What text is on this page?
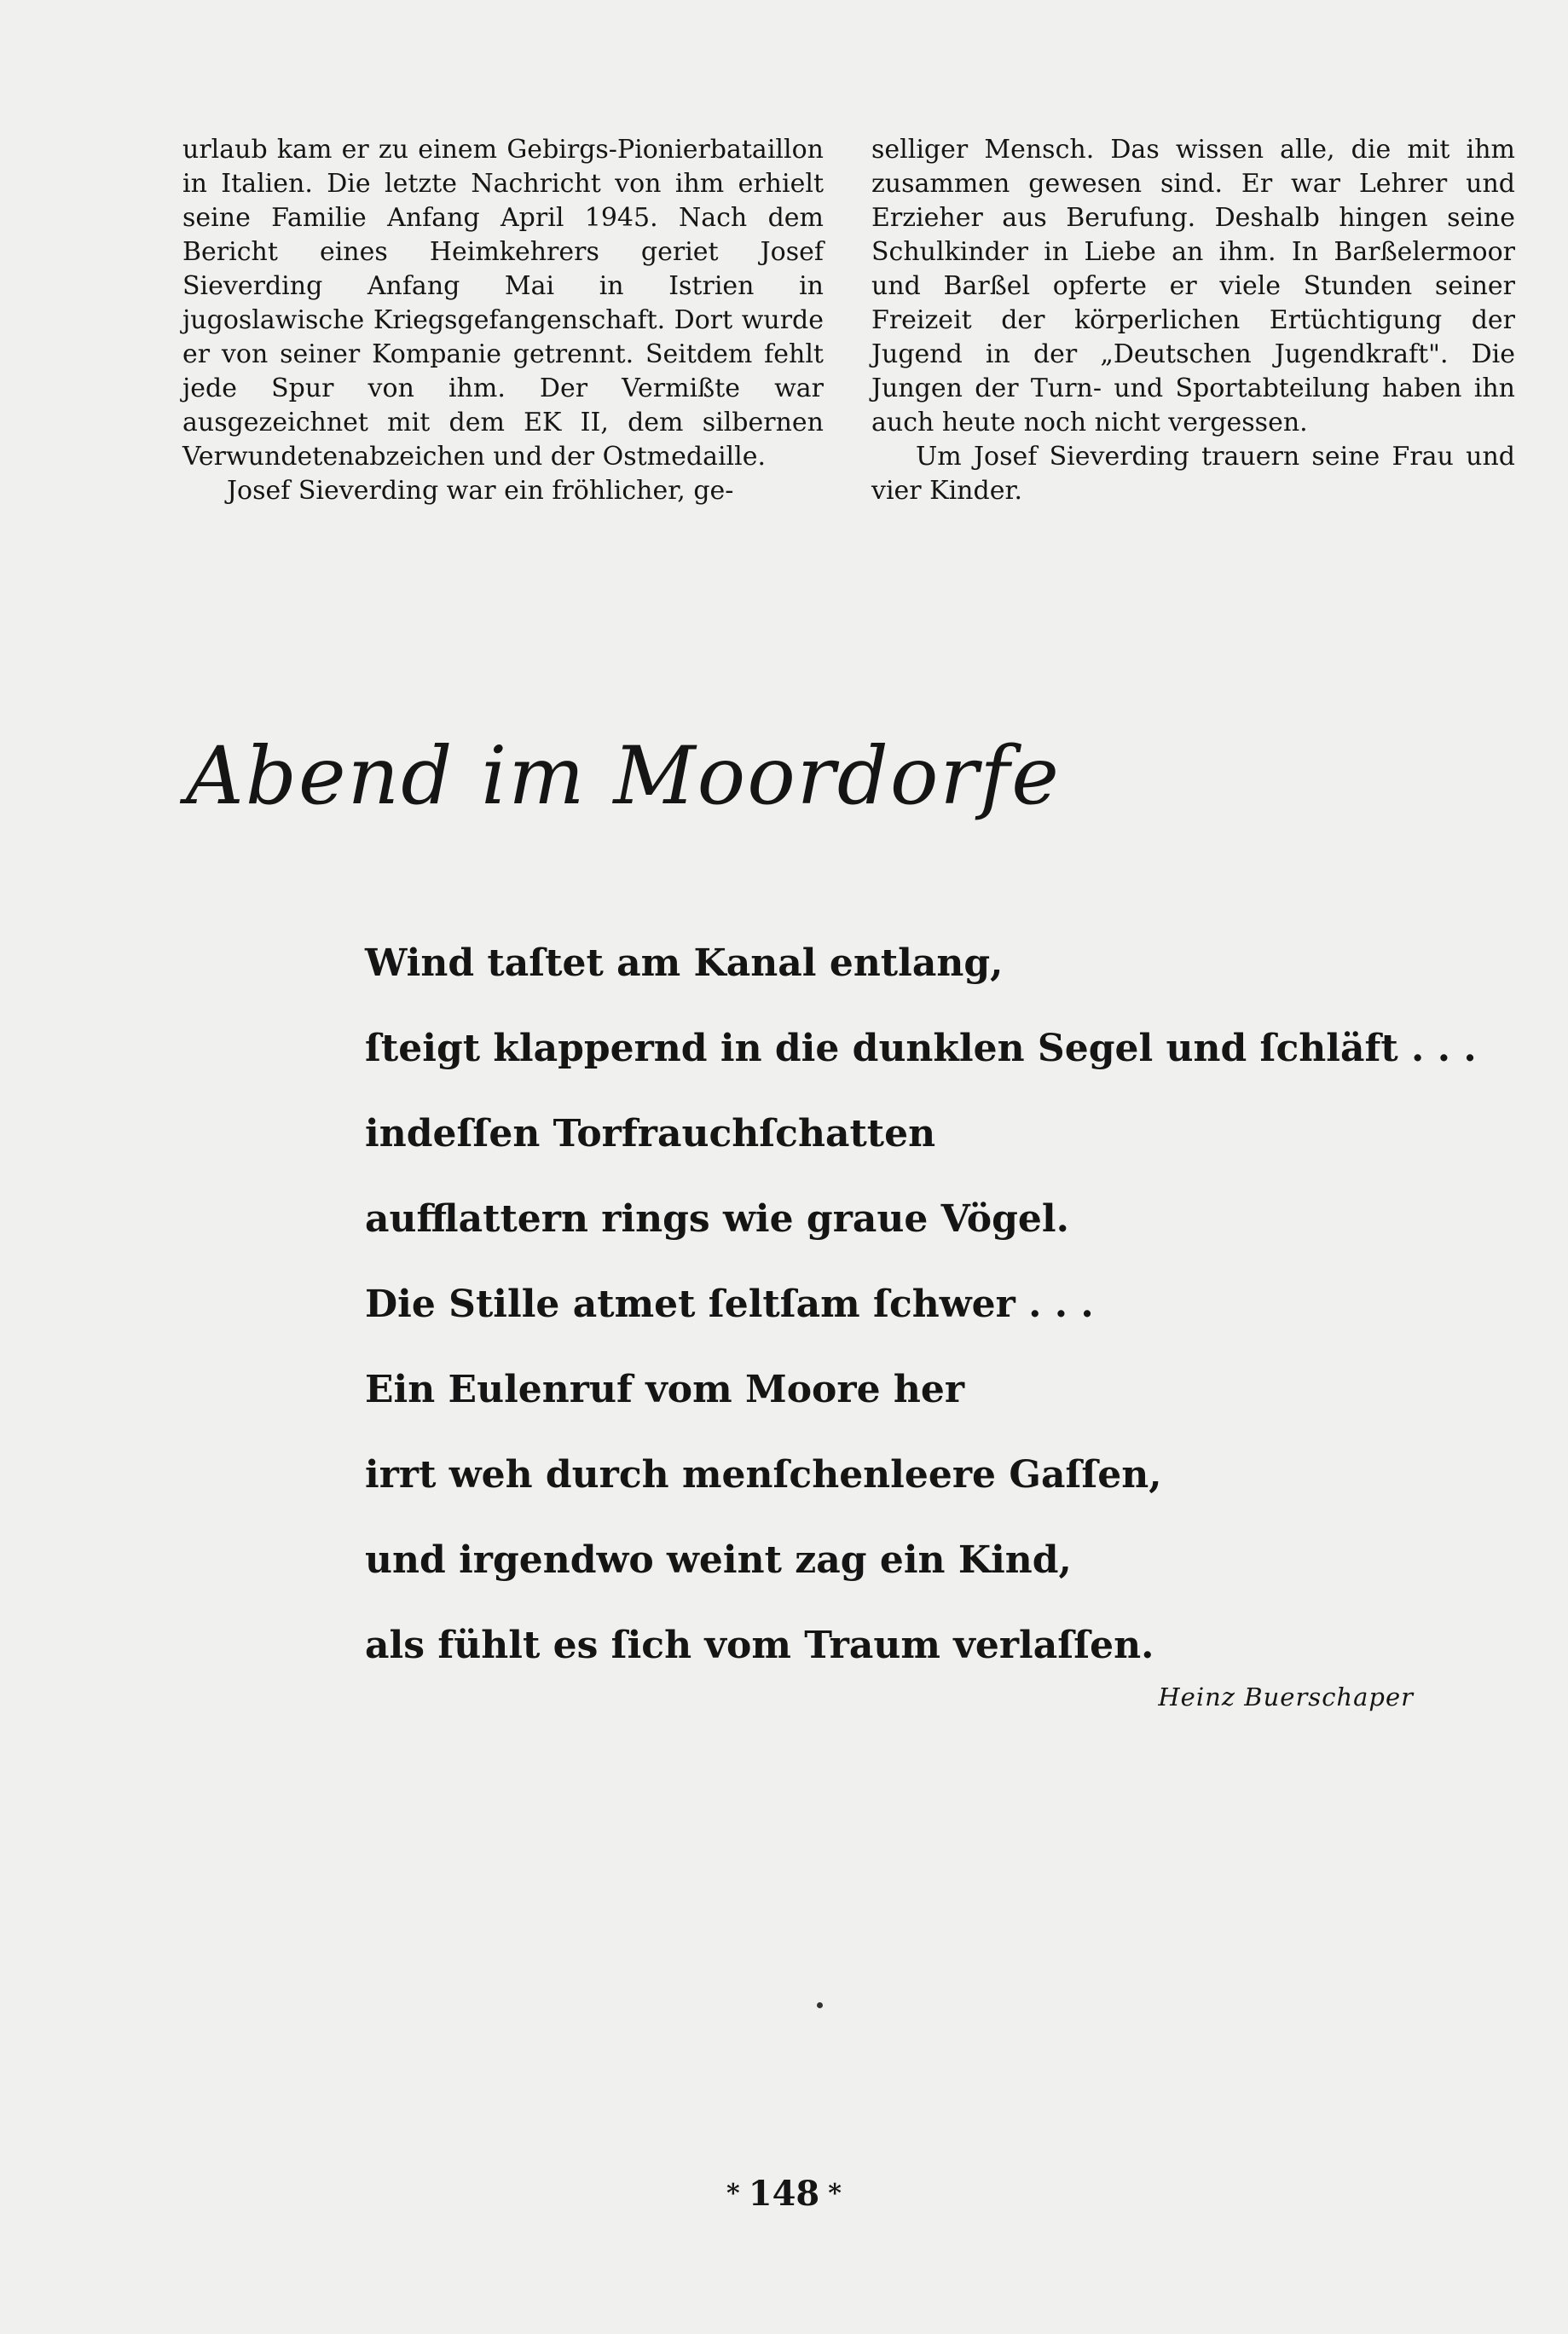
urlaub kam er zu einem Gebirgs-Pionierbataillon in Italien. Die letzte Nachricht von ihm erhielt seine Familie Anfang April 1945. Nach dem Bericht eines Heimkehrers geriet Josef Sieverding Anfang Mai in Istrien in jugoslawische Kriegsgefangenschaft. Dort wurde er von seiner Kompanie getrennt. Seitdem fehlt jede Spur von ihm. Der Vermißte war ausgezeichnet mit dem EK II, dem silbernen Verwundetenabzeichen und der Ostmedaille.

Josef Sieverding war ein fröhlicher, ge-

selliger Mensch. Das wissen alle, die mit ihm zusammen gewesen sind. Er war Lehrer und Erzieher aus Berufung. Deshalb hingen seine Schulkinder in Liebe an ihm. In Barßelermoor und Barßel opferte er viele Stunden seiner Freizeit der körperlichen Ertüchtigung der Jugend in der „Deutschen Jugendkraft". Die Jungen der Turn- und Sportabteilung haben ihn auch heute noch nicht vergessen.

Um Josef Sieverding trauern seine Frau und vier Kinder.

Abend im Moordorfe
Wind taſtet am Kanal entlang,
ſteigt klappernd in die dunklen Segel und ſchläft . . .
indeſſen Torfrauchſchatten
aufflattern rings wie graue Vögel.
Die Stille atmet ſeltſam ſchwer . . .
Ein Eulenruf vom Moore her
irrt weh durch menſchenleere Gaſſen,
und irgendwo weint zag ein Kind,
als fühlt es ſich vom Traum verlaſſen.
Heinz Buerschaper
* 148 *
